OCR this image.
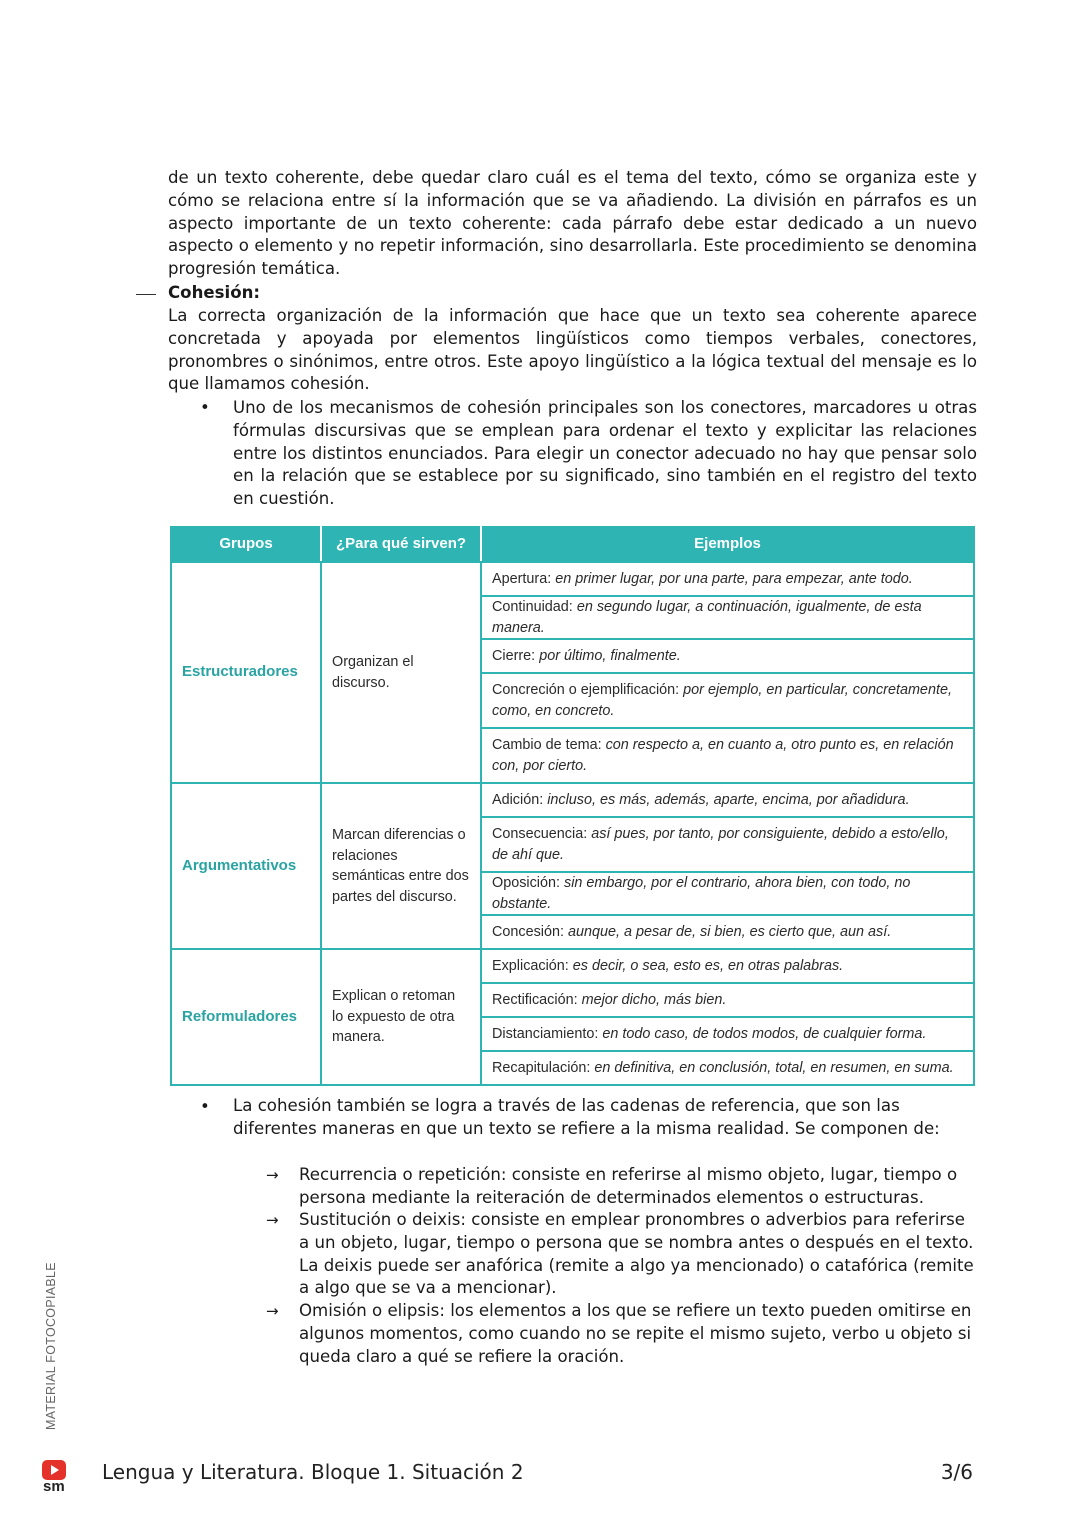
de un texto coherente, debe quedar claro cuál es el tema del texto, cómo se organiza este y cómo se relaciona entre sí la información que se va añadiendo. La división en párrafos es un aspecto importante de un texto coherente: cada párrafo debe estar dedicado a un nuevo aspecto o elemento y no repetir información, sino desarrollarla. Este procedimiento se denomina progresión temática.

Cohesión:

La correcta organización de la información que hace que un texto sea coherente aparece concretada y apoyada por elementos lingüísticos como tiempos verbales, conectores, pronombres o sinónimos, entre otros. Este apoyo lingüístico a la lógica textual del mensaje es lo que llamamos cohesión.

• Uno de los mecanismos de cohesión principales son los conectores, marcadores u otras fórmulas discursivas que se emplean para ordenar el texto y explicitar las relaciones entre los distintos enunciados. Para elegir un conector adecuado no hay que pensar solo en la relación que se establece por su significado, sino también en el registro del texto en cuestión.

Grupos	¿Para qué sirven?	Ejemplos
Estructuradores	Organizan el discurso.	Apertura: en primer lugar, por una parte, para empezar, ante todo.
		Continuidad: en segundo lugar, a continuación, igualmente, de esta manera.
		Cierre: por último, finalmente.
		Concreción o ejemplificación: por ejemplo, en particular, concretamente, como, en concreto.
		Cambio de tema: con respecto a, en cuanto a, otro punto es, en relación con, por cierto.
Argumentativos	Marcan diferencias o relaciones semánticas entre dos partes del discurso.	Adición: incluso, es más, además, aparte, encima, por añadidura.
		Consecuencia: así pues, por tanto, por consiguiente, debido a esto/ello, de ahí que.
		Oposición: sin embargo, por el contrario, ahora bien, con todo, no obstante.
		Concesión: aunque, a pesar de, si bien, es cierto que, aun así.
Reformuladores	Explican o retoman lo expuesto de otra manera.	Explicación: es decir, o sea, esto es, en otras palabras.
		Rectificación: mejor dicho, más bien.
		Distanciamiento: en todo caso, de todos modos, de cualquier forma.
		Recapitulación: en definitiva, en conclusión, total, en resumen, en suma.
• La cohesión también se logra a través de las cadenas de referencia, que son las diferentes maneras en que un texto se refiere a la misma realidad. Se componen de:

→ Recurrencia o repetición: consiste en referirse al mismo objeto, lugar, tiempo o persona mediante la reiteración de determinados elementos o estructuras.

→ Sustitución o deixis: consiste en emplear pronombres o adverbios para referirse a un objeto, lugar, tiempo o persona que se nombra antes o después en el texto. La deixis puede ser anafórica (remite a algo ya mencionado) o catafórica (remite a algo que se va a mencionar).

→ Omisión o elipsis: los elementos a los que se refiere un texto pueden omitirse en algunos momentos, como cuando no se repite el mismo sujeto, verbo u objeto si queda claro a qué se refiere la oración.

MATERIAL FOTOCOPIABLE
sm
Lengua y Literatura. Bloque 1. Situación 2	3/6
